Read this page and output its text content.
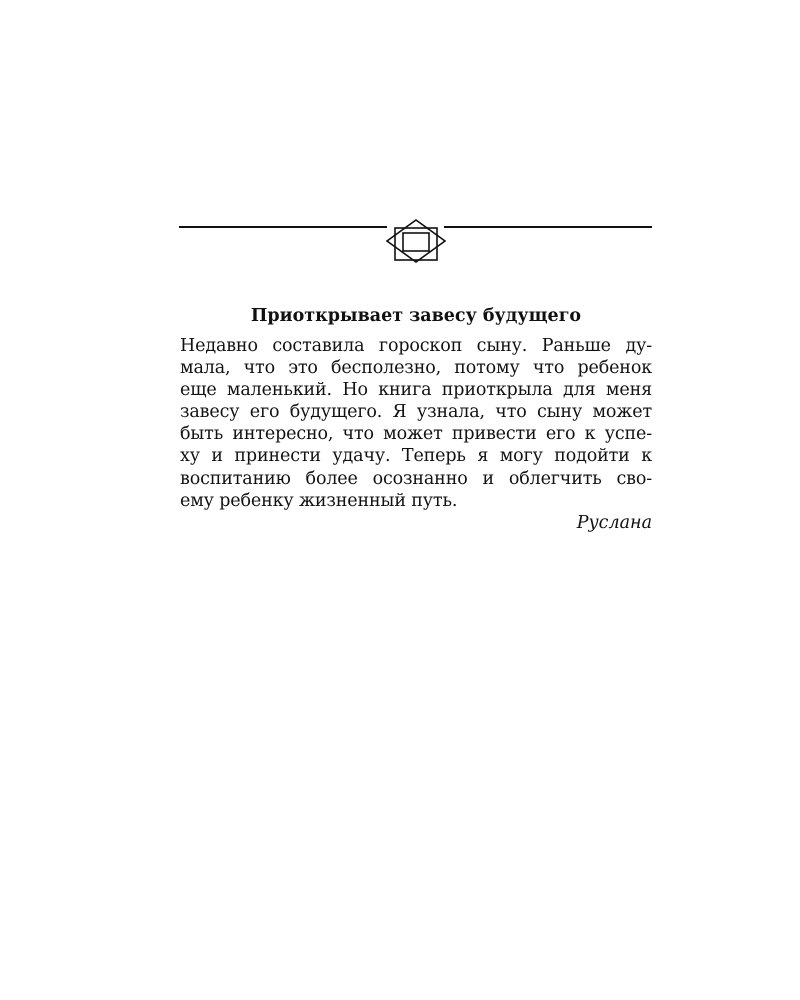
Приоткрывает завесу будущего
Недавно составила гороскоп сыну. Раньше ду-
мала, что это бесполезно, потому что ребенок
еще маленький. Но книга приоткрыла для меня
завесу его будущего. Я узнала, что сыну может
быть интересно, что может привести его к успе-
ху и принести удачу. Теперь я могу подойти к
воспитанию более осознанно и облегчить сво-
ему ребенку жизненный путь.
Руслана
